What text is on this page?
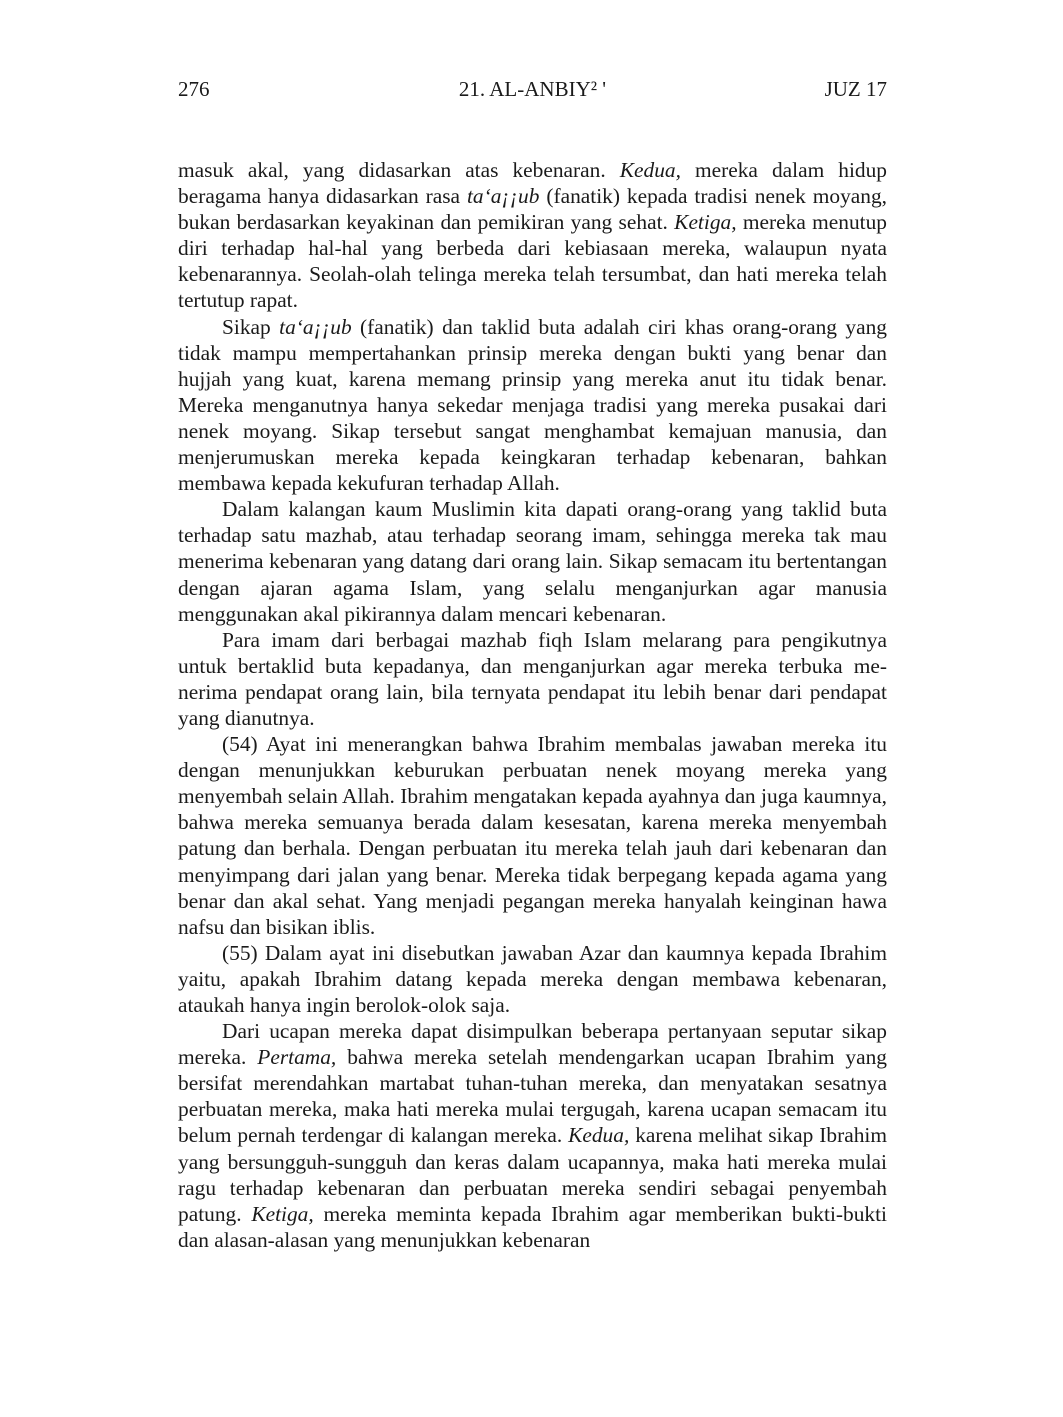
276	21. AL-ANBIY² '	JUZ 17

masuk akal, yang didasarkan atas kebenaran. Kedua, mereka dalam hidup beragama hanya didasarkan rasa ta‘a¡¡ub (fanatik) kepada tradisi nenek moyang, bukan berdasarkan keyakinan dan pemikiran yang sehat. Ketiga, mereka menutup diri terhadap hal-hal yang berbeda dari kebiasaan mereka, walaupun nyata kebenarannya. Seolah-olah telinga mereka telah tersumbat, dan hati mereka telah tertutup rapat.

Sikap ta‘a¡¡ub (fanatik) dan taklid buta adalah ciri khas orang-orang yang tidak mampu mempertahankan prinsip mereka dengan bukti yang benar dan hujjah yang kuat, karena memang prinsip yang mereka anut itu tidak benar. Mereka menganutnya hanya sekedar menjaga tradisi yang mereka pusakai dari nenek moyang. Sikap tersebut sangat menghambat kemajuan manusia, dan menjerumuskan mereka kepada keingkaran terhadap kebenaran, bahkan membawa kepada kekufuran terhadap Allah.

Dalam kalangan kaum Muslimin kita dapati orang-orang yang taklid buta terhadap satu mazhab, atau terhadap seorang imam, sehingga mereka tak mau menerima kebenaran yang datang dari orang lain. Sikap semacam itu bertentangan dengan ajaran agama Islam, yang selalu menganjurkan agar manusia menggunakan akal pikirannya dalam mencari kebenaran.

Para imam dari berbagai mazhab fiqh Islam melarang para pengikutnya untuk bertaklid buta kepadanya, dan menganjurkan agar mereka terbuka menerima pendapat orang lain, bila ternyata pendapat itu lebih benar dari pendapat yang dianutnya.

(54) Ayat ini menerangkan bahwa Ibrahim membalas jawaban mereka itu dengan menunjukkan keburukan perbuatan nenek moyang mereka yang menyembah selain Allah. Ibrahim mengatakan kepada ayahnya dan juga kaumnya, bahwa mereka semuanya berada dalam kesesatan, karena mereka menyembah patung dan berhala. Dengan perbuatan itu mereka telah jauh dari kebenaran dan menyimpang dari jalan yang benar. Mereka tidak berpegang kepada agama yang benar dan akal sehat. Yang menjadi pegangan mereka hanyalah keinginan hawa nafsu dan bisikan iblis.

(55) Dalam ayat ini disebutkan jawaban Azar dan kaumnya kepada Ibrahim yaitu, apakah Ibrahim datang kepada mereka dengan membawa kebenaran, ataukah hanya ingin berolok-olok saja.

Dari ucapan mereka dapat disimpulkan beberapa pertanyaan seputar sikap mereka. Pertama, bahwa mereka setelah mendengarkan ucapan Ibrahim yang bersifat merendahkan martabat tuhan-tuhan mereka, dan menyatakan sesatnya perbuatan mereka, maka hati mereka mulai tergugah, karena ucapan semacam itu belum pernah terdengar di kalangan mereka. Kedua, karena melihat sikap Ibrahim yang bersungguh-sungguh dan keras dalam ucapannya, maka hati mereka mulai ragu terhadap kebenaran dan perbuatan mereka sendiri sebagai penyembah patung. Ketiga, mereka meminta kepada Ibrahim agar memberikan bukti-bukti dan alasan-alasan yang menunjukkan kebenaran
